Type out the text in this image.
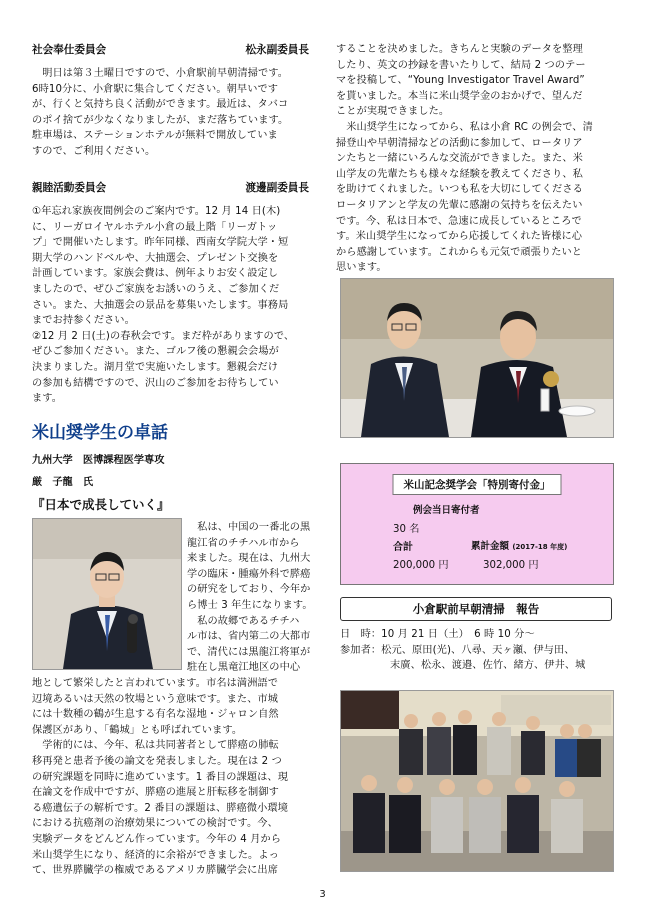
社会奉仕委員会	松永副委員長

明日は第３土曜日ですので、小倉駅前早朝清掃です。

6時10分に、小倉駅に集合してください。朝早いです

が、行くと気持ち良く活動ができます。最近は、タバコ

のポイ捨てが少なくなりましたが、まだ落ちています。

駐車場は、ステーションホテルが無料で開放していま

すので、ご利用ください。

親睦活動委員会	渡邊副委員長

①年忘れ家族夜間例会のご案内です。12 月 14 日(木)

に、リーガロイヤルホテル小倉の最上階「リーガトッ

プ」で開催いたします。昨年同様、西南女学院大学・短

期大学のハンドベルや、大抽選会、プレゼント交換を

計画しています。家族会費は、例年よりお安く設定し

ましたので、ぜひご家族をお誘いのうえ、ご参加くだ

さい。また、大抽選会の景品を募集いたします。事務局

までお持参ください。

②12 月 2 日(土)の春秋会です。まだ枠がありますので、

ぜひご参加ください。また、ゴルフ後の懇親会会場が

決まりました。湖月堂で実施いたします。懇親会だけ

の参加も結構ですので、沢山のご参加をお待ちしてい

ます。

米山奨学生の卓話
九州大学　医博課程医学専攻
厳　子龍　氏
『日本で成長していく』

私は、中国の一番北の黒

龍江省のチチハル市から

来ました。現在は、九州大

学の臨床・腫瘍外科で膵癌

の研究をしており、今年か

ら博士 3 年生になります。

私の故郷であるチチハ

ル市は、省内第二の大都市

で、清代には黒龍江将軍が

駐在し黒竜江地区の中心

地として繁栄したと言われています。市名は満洲語で

辺境あるいは天然の牧場という意味です。また、市城

には十数種の鶴が生息する有名な湿地・ジャロン自然

保護区があり、「鶴城」とも呼ばれています。

学術的には、今年、私は共同著者として膵癌の肺転

移再発と患者予後の論文を発表しました。現在は 2 つ

の研究課題を同時に進めています。1 番目の課題は、現

在論文を作成中ですが、膵癌の進展と肝転移を制御す

る癌遺伝子の解析です。2 番目の課題は、膵癌微小環境

における抗癌剤の治療効果についての検討です。今、

実験データをどんどん作っています。今年の 4 月から

米山奨学生になり、経済的に余裕ができました。よっ

て、世界膵臓学の権威であるアメリカ膵臓学会に出席

することを決めました。きちんと実験のデータを整理

したり、英文の抄録を書いたりして、結局 2 つのテー

マを投稿して、“Young Investigator Travel Award”

を貰いました。本当に米山奨学金のおかげで、望んだ

ことが実現できました。

米山奨学生になってから、私は小倉 RC の例会で、清

掃登山や早朝清掃などの活動に参加して、ロータリア

ンたちと一緒にいろんな交流ができました。また、米

山学友の先輩たちも様々な経験を教えてくださり、私

を助けてくれました。いつも私を大切にしてくださる

ロータリアンと学友の先輩に感謝の気持ちを伝えたい

です。今、私は日本で、急速に成長しているところで

す。米山奨学生になってから応援してくれた皆様に心

から感謝しています。これからも元気で頑張りたいと

思います。

米山記念奨学会「特別寄付金」
例会当日寄付者
30 名
合計	累計金額 (2017-18 年度)
200,000 円	302,000 円
小倉駅前早朝清掃　報告
日　時：10 月 21 日（土）　6 時 10 分～
参加者：松元、原田(光)、八尋、天ヶ瀬、伊与田、
末廣、松永、渡邉、佐竹、緒方、伊井、城
3
